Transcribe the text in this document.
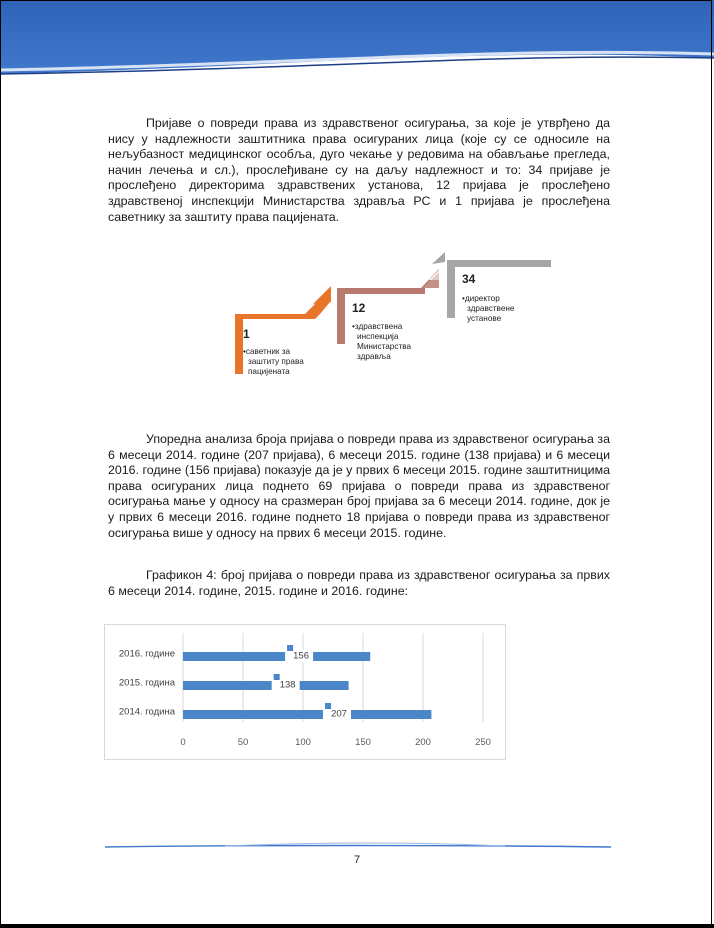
Пријаве о повреди права из здравственог осигурања, за које је утврђено да нису у надлежности заштитника права осигураних лица (које су се односиле на нељубазност медицинског особља, дуго чекање у редовима на обављање прегледа, начин лечења и сл.), прослеђиване су на даљу надлежност и то: 34 пријаве је прослеђено директорима здравствених установа, 12 пријава је прослеђено здравственој инспекцији Министарства здравља РС и 1 пријава је прослеђена саветнику за заштиту права пацијената.

1
•саветник за
заштиту права
пацијената
12
•здравствена
инспекција
Министарства
здравља
34
•директор
здравствене
установе

Упоредна анализа броја пријава о повреди права из здравственог осигурања за 6 месеци 2014. године (207 пријава), 6 месеци 2015. године (138 пријава) и 6 месеци 2016. године (156 пријава) показује да је у првих 6 месеци 2015. године заштитницима права осигураних лица поднето 69 пријава о повреди права из здравственог осигурања мање у односу на сразмеран број пријава за 6 месеци 2014. године, док је у првих 6 месеци 2016. године поднето 18 пријава о повреди права из здравственог осигурања више у односу на првих 6 месеци 2015. године.

Графикон 4: број пријава о повреди права из здравственог осигурања за првих 6 месеци 2014. године, 2015. године и 2016. године:

0	50	100	150	200	250
2016. године	156
2015. година	138
2014. година	207
7
